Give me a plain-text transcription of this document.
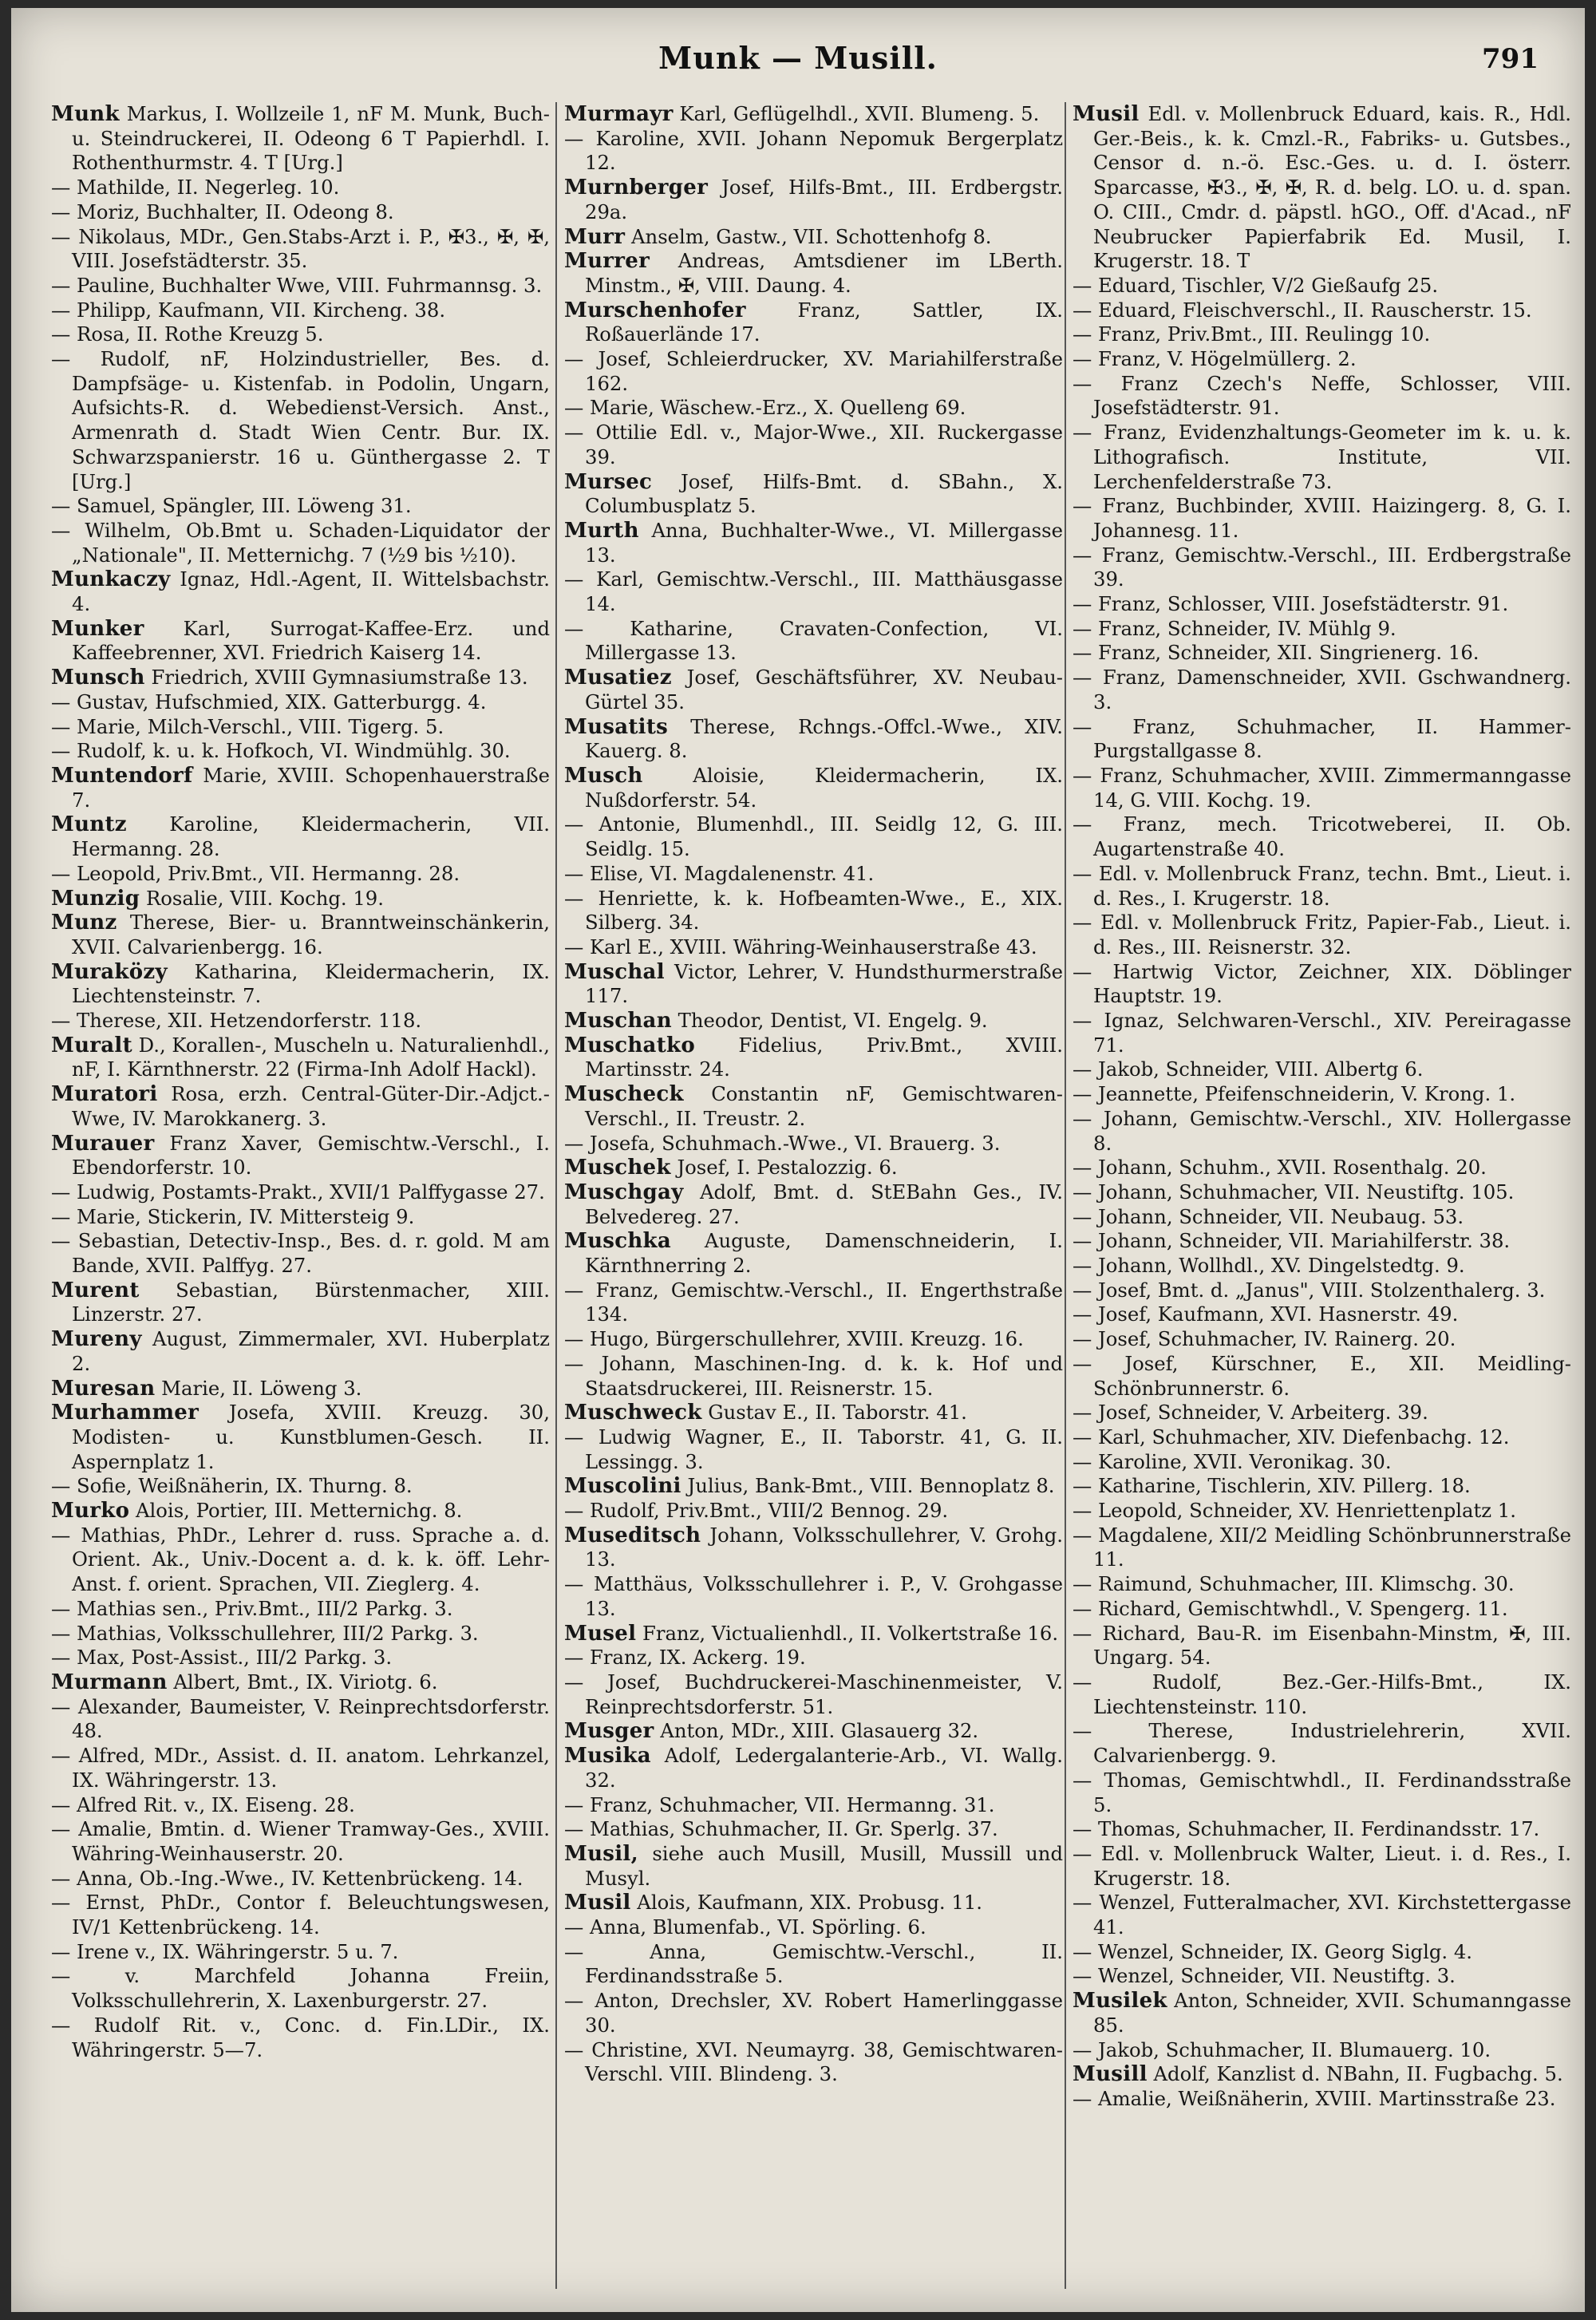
Munk — Musill.	791

Munk Markus, I. Wollzeile 1, nF M. Munk, Buch- u. Steindruckerei, II. Odeong 6 T Papierhdl. I. Rothenthurmstr. 4. T [Urg.]

— Mathilde, II. Negerleg. 10.

— Moriz, Buchhalter, II. Odeong 8.

— Nikolaus, MDr., Gen.Stabs-Arzt i. P., ✠3., ✠, ✠, VIII. Josefstädterstr. 35.

— Pauline, Buchhalter Wwe, VIII. Fuhrmannsg. 3.

— Philipp, Kaufmann, VII. Kircheng. 38.

— Rosa, II. Rothe Kreuzg 5.

— Rudolf, nF, Holzindustrieller, Bes. d. Dampfsäge- u. Kistenfab. in Podolin, Ungarn, Aufsichts-R. d. Webedienst-Versich. Anst., Armenrath d. Stadt Wien Centr. Bur. IX. Schwarzspanierstr. 16 u. Günthergasse 2. T [Urg.]

— Samuel, Spängler, III. Löweng 31.

— Wilhelm, Ob.Bmt u. Schaden-Liquidator der „Nationale", II. Metternichg. 7 (½9 bis ½10).

Munkaczy Ignaz, Hdl.-Agent, II. Wittelsbachstr. 4.

Munker Karl, Surrogat-Kaffee-Erz. und Kaffeebrenner, XVI. Friedrich Kaiserg 14.

Munsch Friedrich, XVIII Gymnasiumstraße 13.

— Gustav, Hufschmied, XIX. Gatterburgg. 4.

— Marie, Milch-Verschl., VIII. Tigerg. 5.

— Rudolf, k. u. k. Hofkoch, VI. Windmühlg. 30.

Muntendorf Marie, XVIII. Schopenhauerstraße 7.

Muntz Karoline, Kleidermacherin, VII. Hermanng. 28.

— Leopold, Priv.Bmt., VII. Hermanng. 28.

Munzig Rosalie, VIII. Kochg. 19.

Munz Therese, Bier- u. Branntweinschänkerin, XVII. Calvarienbergg. 16.

Muraközy Katharina, Kleidermacherin, IX. Liechtensteinstr. 7.

— Therese, XII. Hetzendorferstr. 118.

Muralt D., Korallen-, Muscheln u. Naturalienhdl., nF, I. Kärnthnerstr. 22 (Firma-Inh Adolf Hackl).

Muratori Rosa, erzh. Central-Güter-Dir.-Adjct.-Wwe, IV. Marokkanerg. 3.

Murauer Franz Xaver, Gemischtw.-Verschl., I. Ebendorferstr. 10.

— Ludwig, Postamts-Prakt., XVII/1 Palffygasse 27.

— Marie, Stickerin, IV. Mittersteig 9.

— Sebastian, Detectiv-Insp., Bes. d. r. gold. M am Bande, XVII. Palffyg. 27.

Murent Sebastian, Bürstenmacher, XIII. Linzerstr. 27.

Mureny August, Zimmermaler, XVI. Huberplatz 2.

Muresan Marie, II. Löweng 3.

Murhammer Josefa, XVIII. Kreuzg. 30, Modisten- u. Kunstblumen-Gesch. II. Aspernplatz 1.

— Sofie, Weißnäherin, IX. Thurng. 8.

Murko Alois, Portier, III. Metternichg. 8.

— Mathias, PhDr., Lehrer d. russ. Sprache a. d. Orient. Ak., Univ.-Docent a. d. k. k. öff. Lehr-Anst. f. orient. Sprachen, VII. Zieglerg. 4.

— Mathias sen., Priv.Bmt., III/2 Parkg. 3.

— Mathias, Volksschullehrer, III/2 Parkg. 3.

— Max, Post-Assist., III/2 Parkg. 3.

Murmann Albert, Bmt., IX. Viriotg. 6.

— Alexander, Baumeister, V. Reinprechtsdorferstr. 48.

— Alfred, MDr., Assist. d. II. anatom. Lehrkanzel, IX. Währingerstr. 13.

— Alfred Rit. v., IX. Eiseng. 28.

— Amalie, Bmtin. d. Wiener Tramway-Ges., XVIII. Währing-Weinhauserstr. 20.

— Anna, Ob.-Ing.-Wwe., IV. Kettenbrückeng. 14.

— Ernst, PhDr., Contor f. Beleuchtungswesen, IV/1 Kettenbrückeng. 14.

— Irene v., IX. Währingerstr. 5 u. 7.

— v. Marchfeld Johanna Freiin, Volksschullehrerin, X. Laxenburgerstr. 27.

— Rudolf Rit. v., Conc. d. Fin.LDir., IX. Währingerstr. 5—7.

Murmayr Karl, Geflügelhdl., XVII. Blumeng. 5.

— Karoline, XVII. Johann Nepomuk Bergerplatz 12.

Murnberger Josef, Hilfs-Bmt., III. Erdbergstr. 29a.

Murr Anselm, Gastw., VII. Schottenhofg 8.

Murrer Andreas, Amtsdiener im LBerth. Minstm., ✠, VIII. Daung. 4.

Murschenhofer Franz, Sattler, IX. Roßauerlände 17.

— Josef, Schleierdrucker, XV. Mariahilferstraße 162.

— Marie, Wäschew.-Erz., X. Quelleng 69.

— Ottilie Edl. v., Major-Wwe., XII. Ruckergasse 39.

Mursec Josef, Hilfs-Bmt. d. SBahn., X. Columbusplatz 5.

Murth Anna, Buchhalter-Wwe., VI. Millergasse 13.

— Karl, Gemischtw.-Verschl., III. Matthäusgasse 14.

— Katharine, Cravaten-Confection, VI. Millergasse 13.

Musatiez Josef, Geschäftsführer, XV. Neubau-Gürtel 35.

Musatits Therese, Rchngs.-Offcl.-Wwe., XIV. Kauerg. 8.

Musch Aloisie, Kleidermacherin, IX. Nußdorferstr. 54.

— Antonie, Blumenhdl., III. Seidlg 12, G. III. Seidlg. 15.

— Elise, VI. Magdalenenstr. 41.

— Henriette, k. k. Hofbeamten-Wwe., E., XIX. Silberg. 34.

— Karl E., XVIII. Währing-Weinhauserstraße 43.

Muschal Victor, Lehrer, V. Hundsthurmerstraße 117.

Muschan Theodor, Dentist, VI. Engelg. 9.

Muschatko Fidelius, Priv.Bmt., XVIII. Martinsstr. 24.

Muscheck Constantin nF, Gemischtwaren-Verschl., II. Treustr. 2.

— Josefa, Schuhmach.-Wwe., VI. Brauerg. 3.

Muschek Josef, I. Pestalozzig. 6.

Muschgay Adolf, Bmt. d. StEBahn Ges., IV. Belvedereg. 27.

Muschka Auguste, Damenschneiderin, I. Kärnthnerring 2.

— Franz, Gemischtw.-Verschl., II. Engerthstraße 134.

— Hugo, Bürgerschullehrer, XVIII. Kreuzg. 16.

— Johann, Maschinen-Ing. d. k. k. Hof und Staatsdruckerei, III. Reisnerstr. 15.

Muschweck Gustav E., II. Taborstr. 41.

— Ludwig Wagner, E., II. Taborstr. 41, G. II. Lessingg. 3.

Muscolini Julius, Bank-Bmt., VIII. Bennoplatz 8.

— Rudolf, Priv.Bmt., VIII/2 Bennog. 29.

Museditsch Johann, Volksschullehrer, V. Grohg. 13.

— Matthäus, Volksschullehrer i. P., V. Grohgasse 13.

Musel Franz, Victualienhdl., II. Volkertstraße 16.

— Franz, IX. Ackerg. 19.

— Josef, Buchdruckerei-Maschinenmeister, V. Reinprechtsdorferstr. 51.

Musger Anton, MDr., XIII. Glasauerg 32.

Musika Adolf, Ledergalanterie-Arb., VI. Wallg. 32.

— Franz, Schuhmacher, VII. Hermanng. 31.

— Mathias, Schuhmacher, II. Gr. Sperlg. 37.

Musil, siehe auch Musill, Musill, Mussill und Musyl.

Musil Alois, Kaufmann, XIX. Probusg. 11.

— Anna, Blumenfab., VI. Spörling. 6.

— Anna, Gemischtw.-Verschl., II. Ferdinandsstraße 5.

— Anton, Drechsler, XV. Robert Hamerlinggasse 30.

— Christine, XVI. Neumayrg. 38, Gemischtwaren-Verschl. VIII. Blindeng. 3.

Musil Edl. v. Mollenbruck Eduard, kais. R., Hdl. Ger.-Beis., k. k. Cmzl.-R., Fabriks- u. Gutsbes., Censor d. n.-ö. Esc.-Ges. u. d. I. österr. Sparcasse, ✠3., ✠, ✠, R. d. belg. LO. u. d. span. O. CIII., Cmdr. d. päpstl. hGO., Off. d'Acad., nF Neubrucker Papierfabrik Ed. Musil, I. Krugerstr. 18. T

— Eduard, Tischler, V/2 Gießaufg 25.

— Eduard, Fleischverschl., II. Rauscherstr. 15.

— Franz, Priv.Bmt., III. Reulingg 10.

— Franz, V. Högelmüllerg. 2.

— Franz Czech's Neffe, Schlosser, VIII. Josefstädterstr. 91.

— Franz, Evidenzhaltungs-Geometer im k. u. k. Lithografisch. Institute, VII. Lerchenfelderstraße 73.

— Franz, Buchbinder, XVIII. Haizingerg. 8, G. I. Johannesg. 11.

— Franz, Gemischtw.-Verschl., III. Erdbergstraße 39.

— Franz, Schlosser, VIII. Josefstädterstr. 91.

— Franz, Schneider, IV. Mühlg 9.

— Franz, Schneider, XII. Singrienerg. 16.

— Franz, Damenschneider, XVII. Gschwandnerg. 3.

— Franz, Schuhmacher, II. Hammer-Purgstallgasse 8.

— Franz, Schuhmacher, XVIII. Zimmermanngasse 14, G. VIII. Kochg. 19.

— Franz, mech. Tricotweberei, II. Ob. Augartenstraße 40.

— Edl. v. Mollenbruck Franz, techn. Bmt., Lieut. i. d. Res., I. Krugerstr. 18.

— Edl. v. Mollenbruck Fritz, Papier-Fab., Lieut. i. d. Res., III. Reisnerstr. 32.

— Hartwig Victor, Zeichner, XIX. Döblinger Hauptstr. 19.

— Ignaz, Selchwaren-Verschl., XIV. Pereiragasse 71.

— Jakob, Schneider, VIII. Albertg 6.

— Jeannette, Pfeifenschneiderin, V. Krong. 1.

— Johann, Gemischtw.-Verschl., XIV. Hollergasse 8.

— Johann, Schuhm., XVII. Rosenthalg. 20.

— Johann, Schuhmacher, VII. Neustiftg. 105.

— Johann, Schneider, VII. Neubaug. 53.

— Johann, Schneider, VII. Mariahilferstr. 38.

— Johann, Wollhdl., XV. Dingelstedtg. 9.

— Josef, Bmt. d. „Janus", VIII. Stolzenthalerg. 3.

— Josef, Kaufmann, XVI. Hasnerstr. 49.

— Josef, Schuhmacher, IV. Rainerg. 20.

— Josef, Kürschner, E., XII. Meidling-Schönbrunnerstr. 6.

— Josef, Schneider, V. Arbeiterg. 39.

— Karl, Schuhmacher, XIV. Diefenbachg. 12.

— Karoline, XVII. Veronikag. 30.

— Katharine, Tischlerin, XIV. Pillerg. 18.

— Leopold, Schneider, XV. Henriettenplatz 1.

— Magdalene, XII/2 Meidling Schönbrunnerstraße 11.

— Raimund, Schuhmacher, III. Klimschg. 30.

— Richard, Gemischtwhdl., V. Spengerg. 11.

— Richard, Bau-R. im Eisenbahn-Minstm, ✠, III. Ungarg. 54.

— Rudolf, Bez.-Ger.-Hilfs-Bmt., IX. Liechtensteinstr. 110.

— Therese, Industrielehrerin, XVII. Calvarienbergg. 9.

— Thomas, Gemischtwhdl., II. Ferdinandsstraße 5.

— Thomas, Schuhmacher, II. Ferdinandsstr. 17.

— Edl. v. Mollenbruck Walter, Lieut. i. d. Res., I. Krugerstr. 18.

— Wenzel, Futteralmacher, XVI. Kirchstettergasse 41.

— Wenzel, Schneider, IX. Georg Siglg. 4.

— Wenzel, Schneider, VII. Neustiftg. 3.

Musilek Anton, Schneider, XVII. Schumanngasse 85.

— Jakob, Schuhmacher, II. Blumauerg. 10.

Musill Adolf, Kanzlist d. NBahn, II. Fugbachg. 5.

— Amalie, Weißnäherin, XVIII. Martinsstraße 23.
